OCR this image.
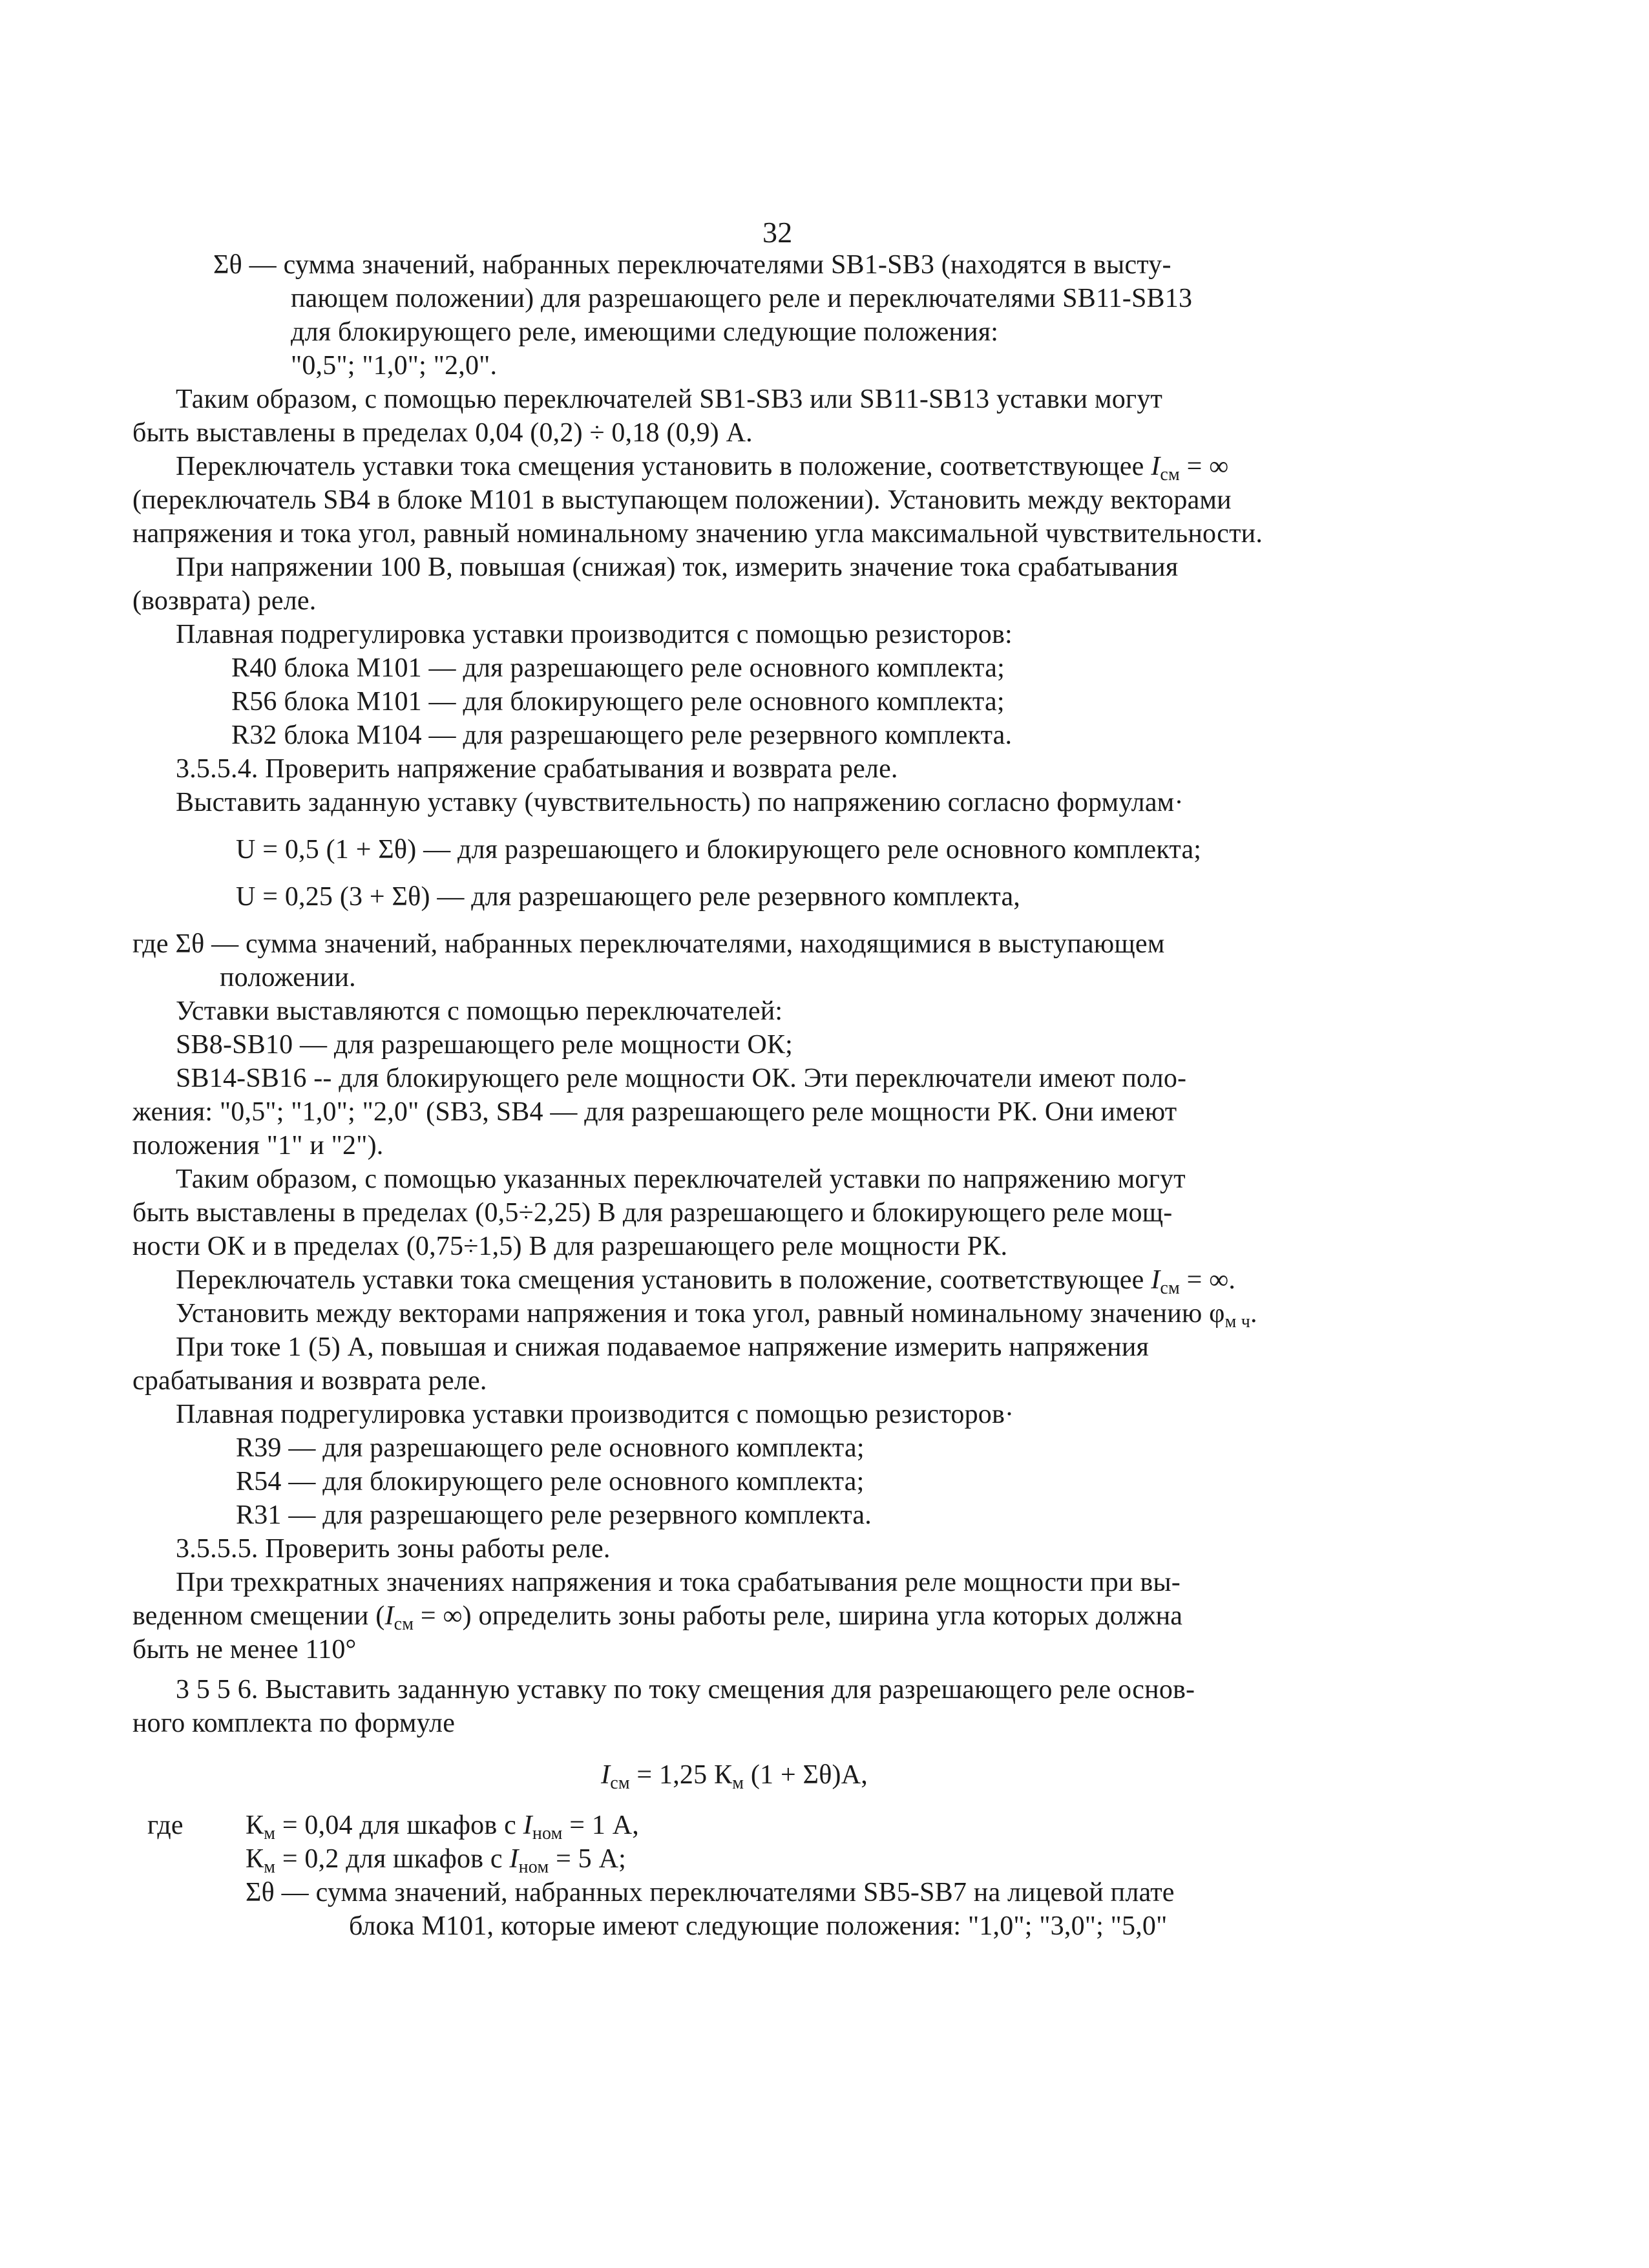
32
Σθ — сумма значений, набранных переключателями SB1-SB3 (находятся в высту-
пающем положении) для разрешающего реле и переключателями SB11-SB13
для блокирующего реле, имеющими следующие положения:
"0,5"; "1,0"; "2,0".
Таким образом, с помощью переключателей SB1-SB3 или SB11-SB13 уставки могут
быть выставлены в пределах 0,04 (0,2) ÷ 0,18 (0,9) А.
Переключатель уставки тока смещения установить в положение, соответствующее $I_{см}$ = ∞
(переключатель SB4 в блоке М101 в выступающем положении). Установить между векторами
напряжения и тока угол, равный номинальному значению угла максимальной чувствительности.
При напряжении 100 В, повышая (снижая) ток, измерить значение тока срабатывания
(возврата) реле.
Плавная подрегулировка уставки производится с помощью резисторов:
R40 блока М101 — для разрешающего реле основного комплекта;
R56 блока М101 — для блокирующего реле основного комплекта;
R32 блока М104 — для разрешающего реле резервного комплекта.
3.5.5.4. Проверить напряжение срабатывания и возврата реле.
Выставить заданную уставку (чувствительность) по напряжению согласно формулам·
U = 0,5 (1 + Σθ) — для разрешающего и блокирующего реле основного комплекта;
U = 0,25 (3 + Σθ) — для разрешающего реле резервного комплекта,
где Σθ — сумма значений, набранных переключателями, находящимися в выступающем
положении.
Уставки выставляются с помощью переключателей:
SB8-SB10 — для разрешающего реле мощности ОК;
SB14-SB16 -- для блокирующего реле мощности ОК. Эти переключатели имеют поло-
жения: "0,5"; "1,0"; "2,0" (SB3, SB4 — для разрешающего реле мощности РК. Они имеют
положения "1" и "2").
Таким образом, с помощью указанных переключателей уставки по напряжению могут
быть выставлены в пределах (0,5÷2,25) В для разрешающего и блокирующего реле мощ-
ности ОК и в пределах (0,75÷1,5) В для разрешающего реле мощности РК.
Переключатель уставки тока смещения установить в положение, соответствующее $I_{см}$ = ∞.
Установить между векторами напряжения и тока угол, равный номинальному значению $\varphi_{м ч}$.
При токе 1 (5) А, повышая и снижая подаваемое напряжение измерить напряжения
срабатывания и возврата реле.
Плавная подрегулировка уставки производится с помощью резисторов·
R39 — для разрешающего реле основного комплекта;
R54 — для блокирующего реле основного комплекта;
R31 — для разрешающего реле резервного комплекта.
3.5.5.5. Проверить зоны работы реле.
При трехкратных значениях напряжения и тока срабатывания реле мощности при вы-
веденном смещении ($I_{см}$ = ∞) определить зоны работы реле, ширина угла которых должна
быть не менее 110°
3 5 5 6. Выставить заданную уставку по току смещения для разрешающего реле основ-
ного комплекта по формуле
$I_{см} = 1,25$ $К_м$ (1 + Σθ)А,
где $К_м = 0,04$ для шкафов с $I_{ном} = 1$ А,
$К_м = 0,2$ для шкафов с $I_{ном} = 5$ А;
Σθ — сумма значений, набранных переключателями SB5-SB7 на лицевой плате
блока М101, которые имеют следующие положения: "1,0"; "3,0"; "5,0"
